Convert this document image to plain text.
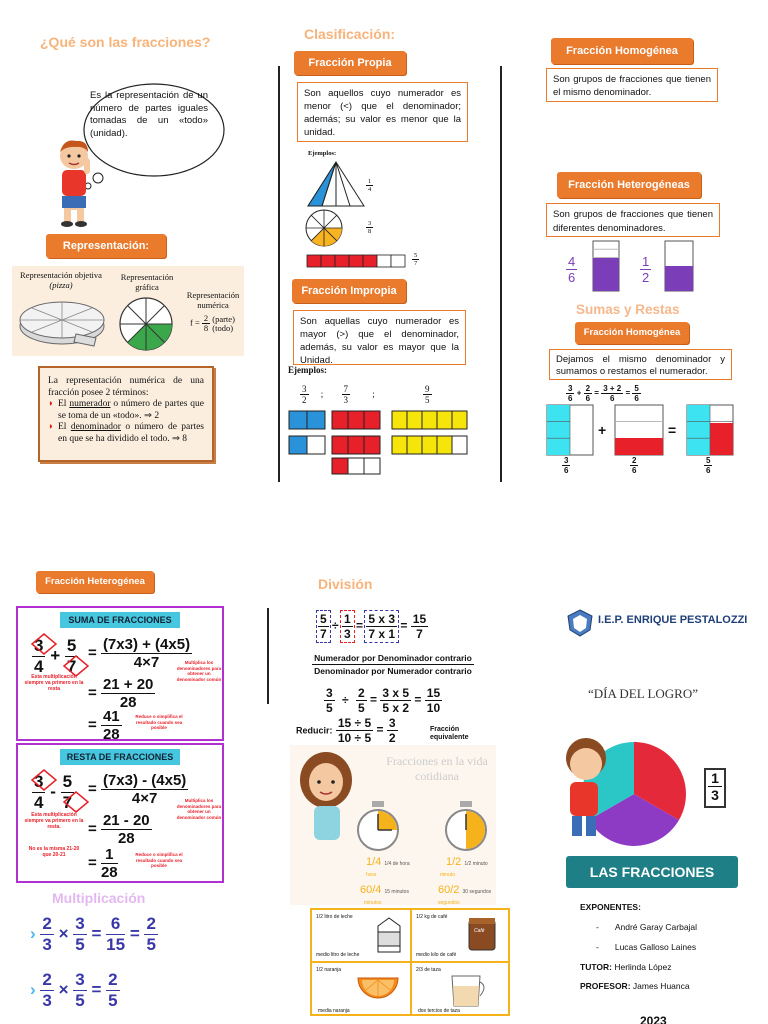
¿Qué son las fracciones?
Es la representación de un número de partes iguales tomadas de un «todo» (unidad).
Representación:
Representación objetiva
(pizza)
Representación gráfica
Representación numérica
$f = \frac{2}{8}$
(parte)
(todo)
La representación numérica de una fracción posee 2 términos:
◗ El numerador o número de partes que se toma de un «todo». ⇒ 2
◗ El denominador o número de partes en que se ha dividido el todo. ⇒ 8
Clasificación:
Fracción Propia
Son aquellos cuyo numerador es menor (<) que el denominador; además; su valor es menor que la unidad.
Ejemplos:
$\frac{1}{4}$
$\frac{3}{8}$
$\frac{5}{7}$
Fracción Impropia
Son aquellas cuyo numerador es mayor (>) que el denominador, además, su valor es mayor que la Unidad.
Ejemplos:
$\frac{3}{2}$ ; $\frac{7}{3}$ ;	$\frac{9}{5}$
Fracción Homogénea
Son grupos de fracciones que tienen el mismo denominador.
Fracción Heterogéneas
Son grupos de fracciones que tienen diferentes denominadores.
$\frac{4}{6}$	$\frac{1}{2}$
Sumas y Restas
Fracción Homogénea
Dejamos el mismo denominador y sumamos o restamos el numerador.
$\frac{3}{6} + \frac{2}{6} = \frac{3 + 2}{6} = \frac{5}{6}$
+	=
$\frac{3}{6}$	$\frac{2}{6}$	$\frac{5}{6}$
Fracción Heterogénea
SUMA DE FRACCIONES
$\frac{3}{4} + \frac{5}{7} = \frac{(7x3) + (4x5)}{4\times 7}$
Esta multiplicación siempre va primero en la resta
Multiplica los denominadores para obtener un denominador común
= $\frac{21 + 20}{28}$
= $\frac{41}{28}$	Reduce o simplifica el resultado cuando sea posible
RESTA DE FRACCIONES
$\frac{3}{4} - \frac{5}{7} = \frac{(7x3) - (4x5)}{4\times 7}$
Esta multiplicación siempre va primero en la resta.
Multiplica los denominadores para obtener un denominador común
= $\frac{21 - 20}{28}$
No es la misma 21-20 que 20-21	= $\frac{1}{28}$	Reduce o simplifica el resultado cuando sea posible
Multiplicación
› $\frac{2}{3} \times \frac{3}{5} = \frac{6}{15} = \frac{2}{5}$
› $\frac{2}{3} \times \frac{3}{5} = \frac{2}{5}$
División
$\frac{5}{7} \div \frac{1}{3} = \frac{5 x 3}{7 x 1} = \frac{15}{7}$
Numerador por Denominador contrario
Denominador por Numerador contrario
$\frac{3}{5} \div \frac{2}{5} = \frac{3 x 5}{5 x 2} = \frac{15}{10}$
Reducir: $\frac{15 \div 5}{10 \div 5} = \frac{3}{2}$	Fracción equivalente
Fracciones en la vida cotidiana
1/4 1/4 de hora
hora
1/2 1/2 minuto
minuto
60/4 15 minutos
minutos
60/2 30 segundos
segundos
1/2 litro de leche
medio litro de leche
1/2 kg de café
Café
medio kilo de café
1/2 naranja
media naranja
2/3 de taza
dos tercios de taza
I.E.P. ENRIQUE PESTALOZZI
“DÍA DEL LOGRO”
$\frac{1}{3}$
LAS FRACCIONES
EXPONENTES:
- André Garay Carbajal
- Lucas Galloso Laines
TUTOR: Herlinda López
PROFESOR: James Huanca
2023
